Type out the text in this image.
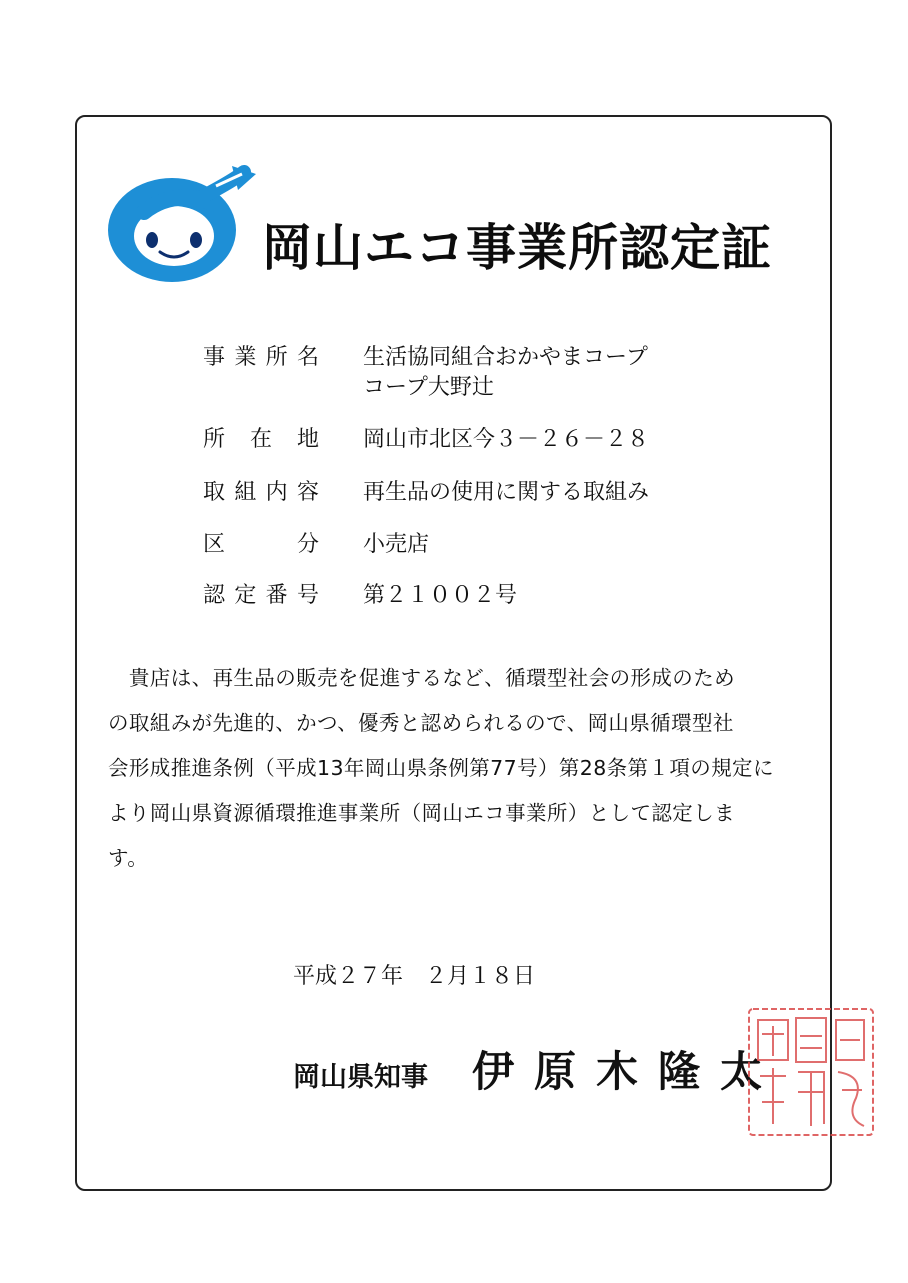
岡山エコ事業所認定証
事 業 所 名 生活協同組合おかやまコープ
コープ大野辻
所 在 地 岡山市北区今３－２６－２８
取 組 内 容 再生品の使用に関する取組み
区	分 小売店
認 定 番 号 第２１００２号
　貴店は、再生品の販売を促進するなど、循環型社会の形成のため
の取組みが先進的、かつ、優秀と認められるので、岡山県循環型社
会形成推進条例（平成13年岡山県条例第77号）第28条第１項の規定に
より岡山県資源循環推進事業所（岡山エコ事業所）として認定しま
す。
平成２７年　２月１８日
岡山県知事 伊原木隆太
